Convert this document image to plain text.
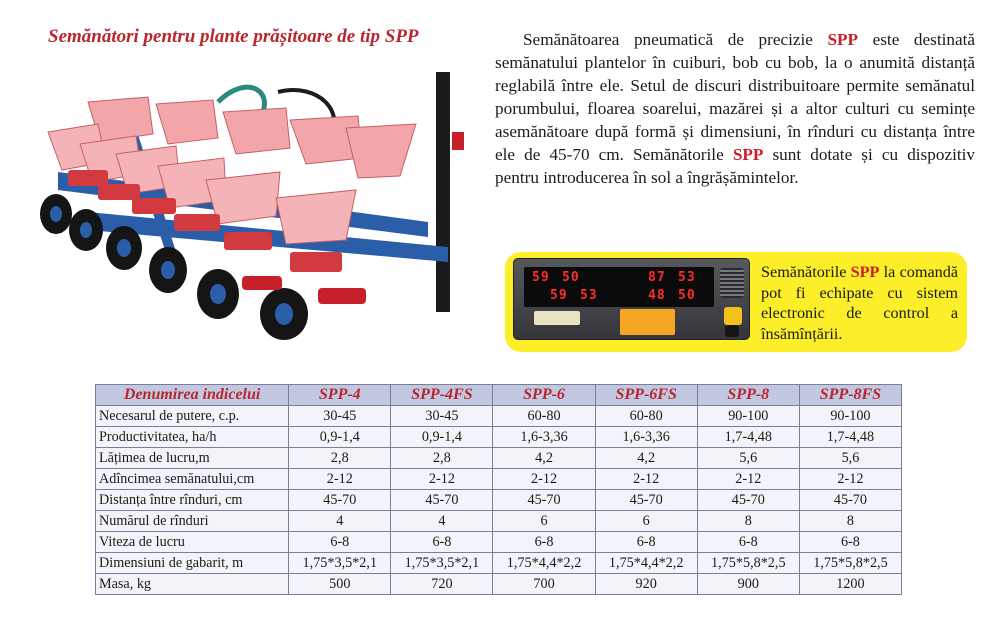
Semănători pentru plante prășitoare de tip SPP	Semănătoarea pneumatică de precizie SPP este destinată semănatului plantelor în cuiburi, bob cu bob, la o anumită distanță reglabilă între ele. Setul de discuri distribuitoare permite semănatul porumbului, floarea soarelui, mazărei și a altor culturi cu semințe asemănătoare după formă și dimensiuni, în rînduri cu distanța între ele de 45-70 cm. Semănătorile SPP sunt dotate și cu dispozitiv pentru introducerea în sol a îngrășămintelor.

59 50	87 53
59 53	48 50
Semănătorile SPP la comandă pot fi echipate cu sistem electronic de control a însămînțării.
Denumirea indicelui	SPP-4	SPP-4FS	SPP-6	SPP-6FS	SPP-8	SPP-8FS
Necesarul de putere, c.p.	30-45	30-45	60-80	60-80	90-100	90-100
Productivitatea, ha/h	0,9-1,4	0,9-1,4	1,6-3,36	1,6-3,36	1,7-4,48	1,7-4,48
Lățimea de lucru,m	2,8	2,8	4,2	4,2	5,6	5,6
Adîncimea semănatului,cm	2-12	2-12	2-12	2-12	2-12	2-12
Distanța între rînduri, cm	45-70	45-70	45-70	45-70	45-70	45-70
Numărul de rînduri	4	4	6	6	8	8
Viteza de lucru	6-8	6-8	6-8	6-8	6-8	6-8
Dimensiuni de gabarit, m	1,75*3,5*2,1	1,75*3,5*2,1	1,75*4,4*2,2	1,75*4,4*2,2	1,75*5,8*2,5	1,75*5,8*2,5
Masa, kg	500	720	700	920	900	1200
